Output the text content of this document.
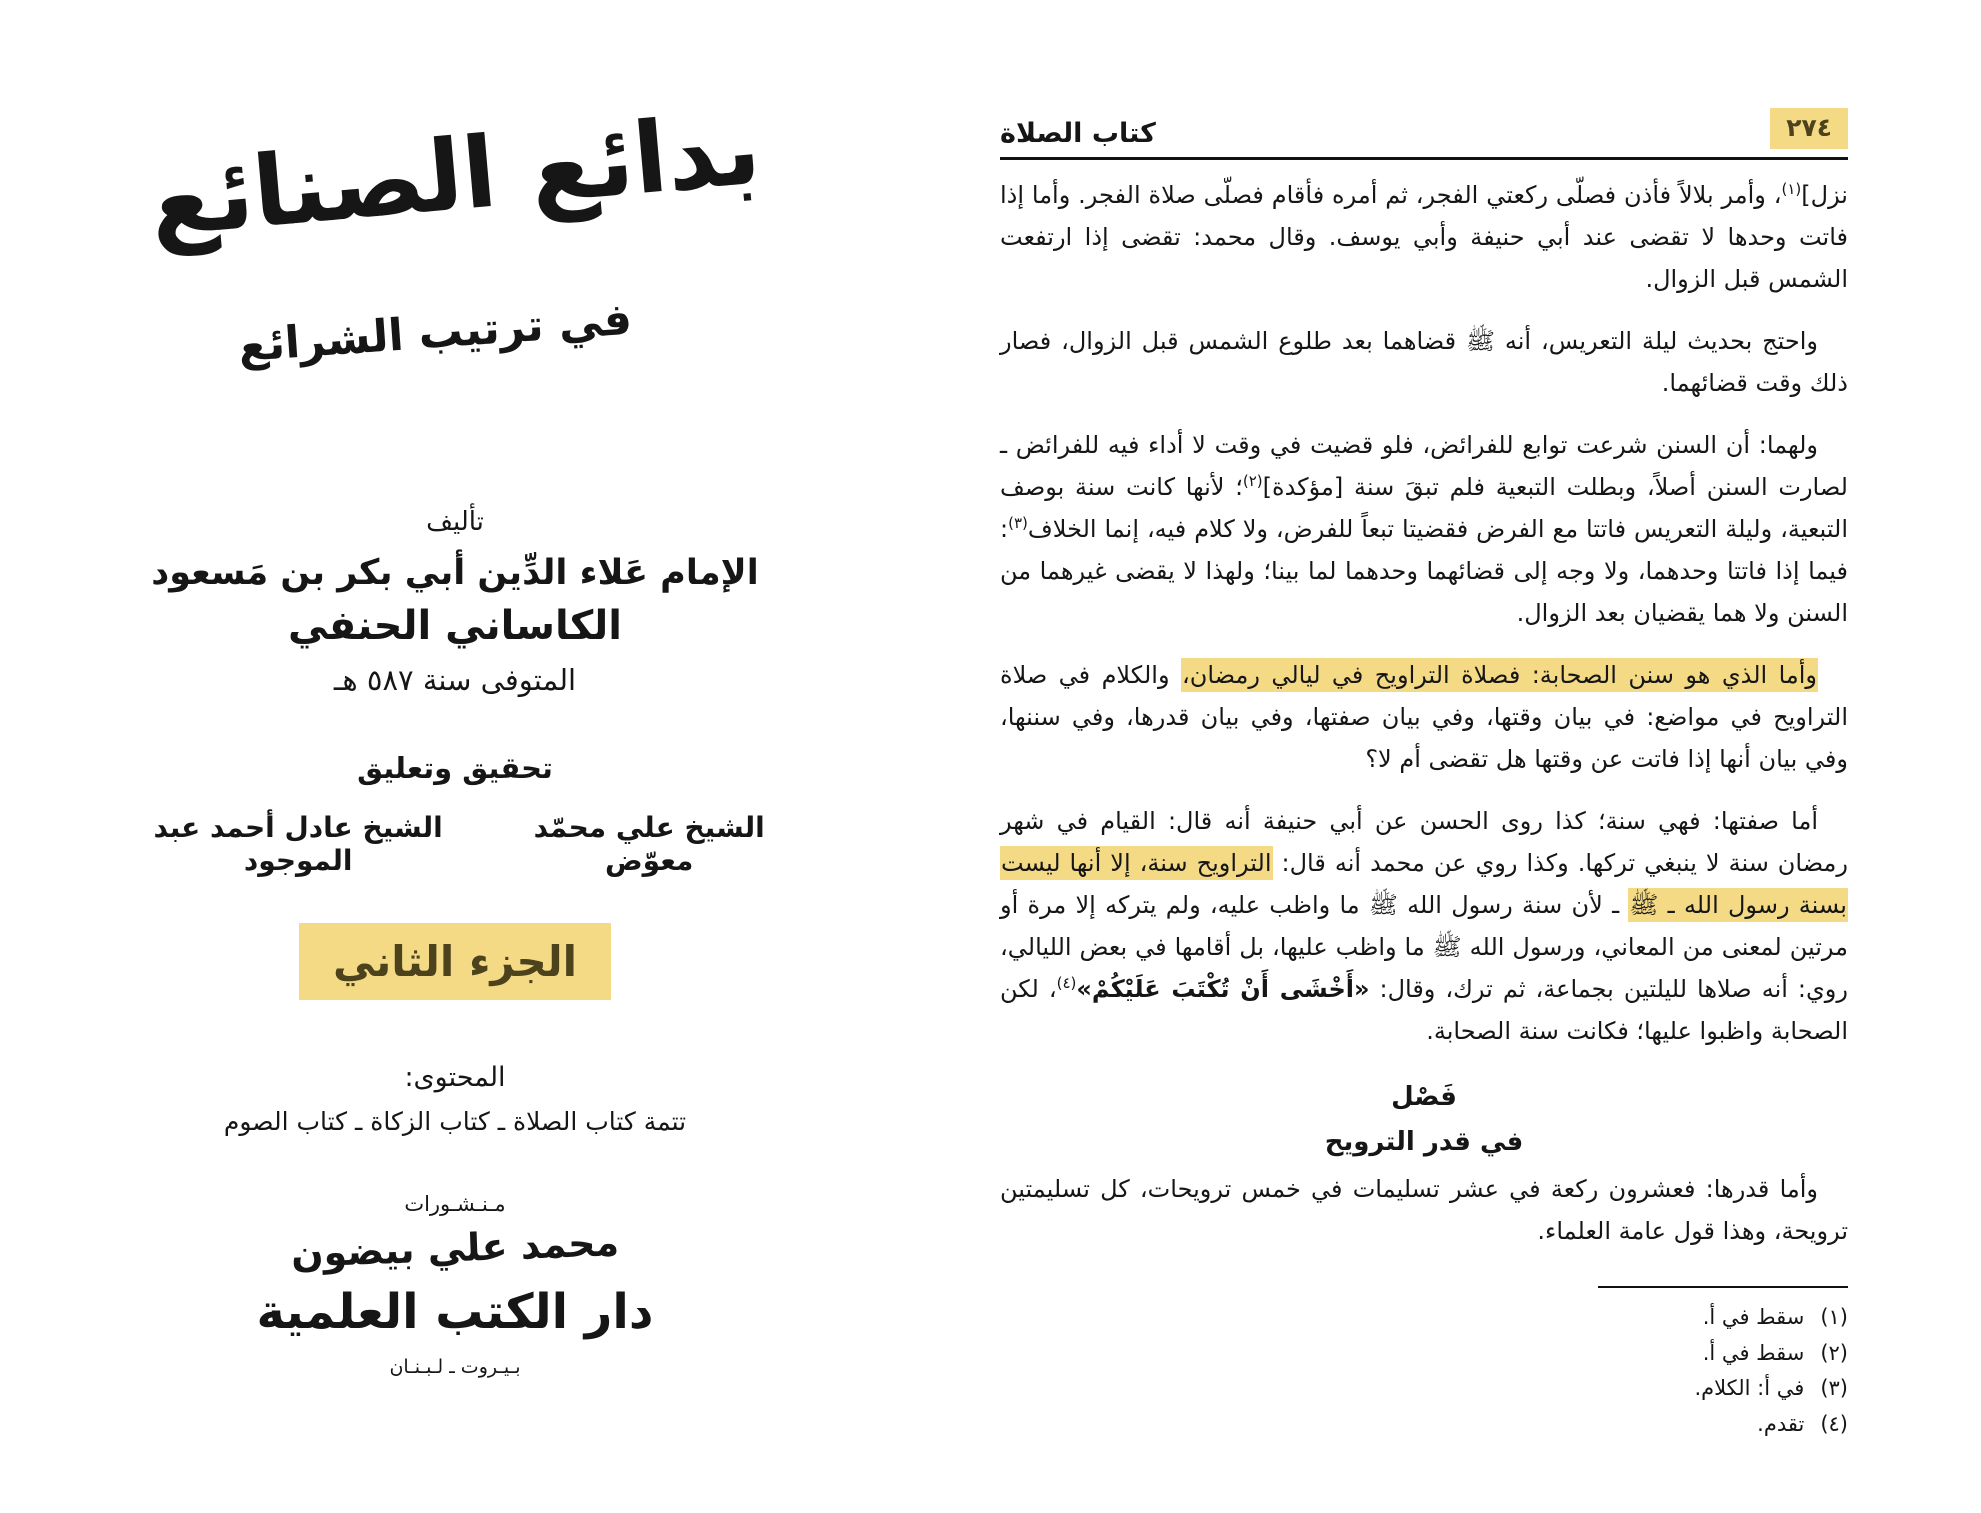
بدائع الصنائع
في ترتيب الشرائع
تأليف
الإمام عَلاء الدِّين أبي بكر بن مَسعود
الكاساني الحنفي
المتوفى سنة ٥٨٧ هـ
تحقيق وتعليق
الشيخ علي محمّد معوّض
الشيخ عادل أحمد عبد الموجود
الجزء الثاني
المحتوى:
تتمة كتاب الصلاة ـ كتاب الزكاة ـ كتاب الصوم
مـنـشـورات
محمد علي بيضون
دار الكتب العلمية
بـيـروت ـ لـبـنـان
٢٧٤
كتاب الصلاة

نزل]$^{(١)}$، وأمر بلالاً فأذن فصلّى ركعتي الفجر، ثم أمره فأقام فصلّى صلاة الفجر. وأما إذا فاتت وحدها لا تقضى عند أبي حنيفة وأبي يوسف. وقال محمد: تقضى إذا ارتفعت الشمس قبل الزوال.

واحتج بحديث ليلة التعريس، أنه ﷺ قضاهما بعد طلوع الشمس قبل الزوال، فصار ذلك وقت قضائهما.

ولهما: أن السنن شرعت توابع للفرائض، فلو قضيت في وقت لا أداء فيه للفرائض ـ لصارت السنن أصلاً، وبطلت التبعية فلم تبقَ سنة [مؤكدة]$^{(٢)}$؛ لأنها كانت سنة بوصف التبعية، وليلة التعريس فاتتا مع الفرض فقضيتا تبعاً للفرض، ولا كلام فيه، إنما الخلاف$^{(٣)}$: فيما إذا فاتتا وحدهما، ولا وجه إلى قضائهما وحدهما لما بينا؛ ولهذا لا يقضى غيرهما من السنن ولا هما يقضيان بعد الزوال.

وأما الذي هو سنن الصحابة: فصلاة التراويح في ليالي رمضان، والكلام في صلاة التراويح في مواضع: في بيان وقتها، وفي بيان صفتها، وفي بيان قدرها، وفي سننها، وفي بيان أنها إذا فاتت عن وقتها هل تقضى أم لا؟

أما صفتها: فهي سنة؛ كذا روى الحسن عن أبي حنيفة أنه قال: القيام في شهر رمضان سنة لا ينبغي تركها. وكذا روي عن محمد أنه قال: التراويح سنة، إلا أنها ليست بسنة رسول الله ـ ﷺ ـ لأن سنة رسول الله ﷺ ما واظب عليه، ولم يتركه إلا مرة أو مرتين لمعنى من المعاني، ورسول الله ﷺ ما واظب عليها، بل أقامها في بعض الليالي، روي: أنه صلاها لليلتين بجماعة، ثم ترك، وقال: «أَخْشَى أَنْ تُكْتَبَ عَلَيْكُمْ»$^{(٤)}$، لكن الصحابة واظبوا عليها؛ فكانت سنة الصحابة.

فَصْل
في قدر الترويح

وأما قدرها: فعشرون ركعة في عشر تسليمات في خمس ترويحات، كل تسليمتين ترويحة، وهذا قول عامة العلماء.

(١)
سقط في أ.
(٢)
سقط في أ.
(٣)
في أ: الكلام.
(٤)
تقدم.
